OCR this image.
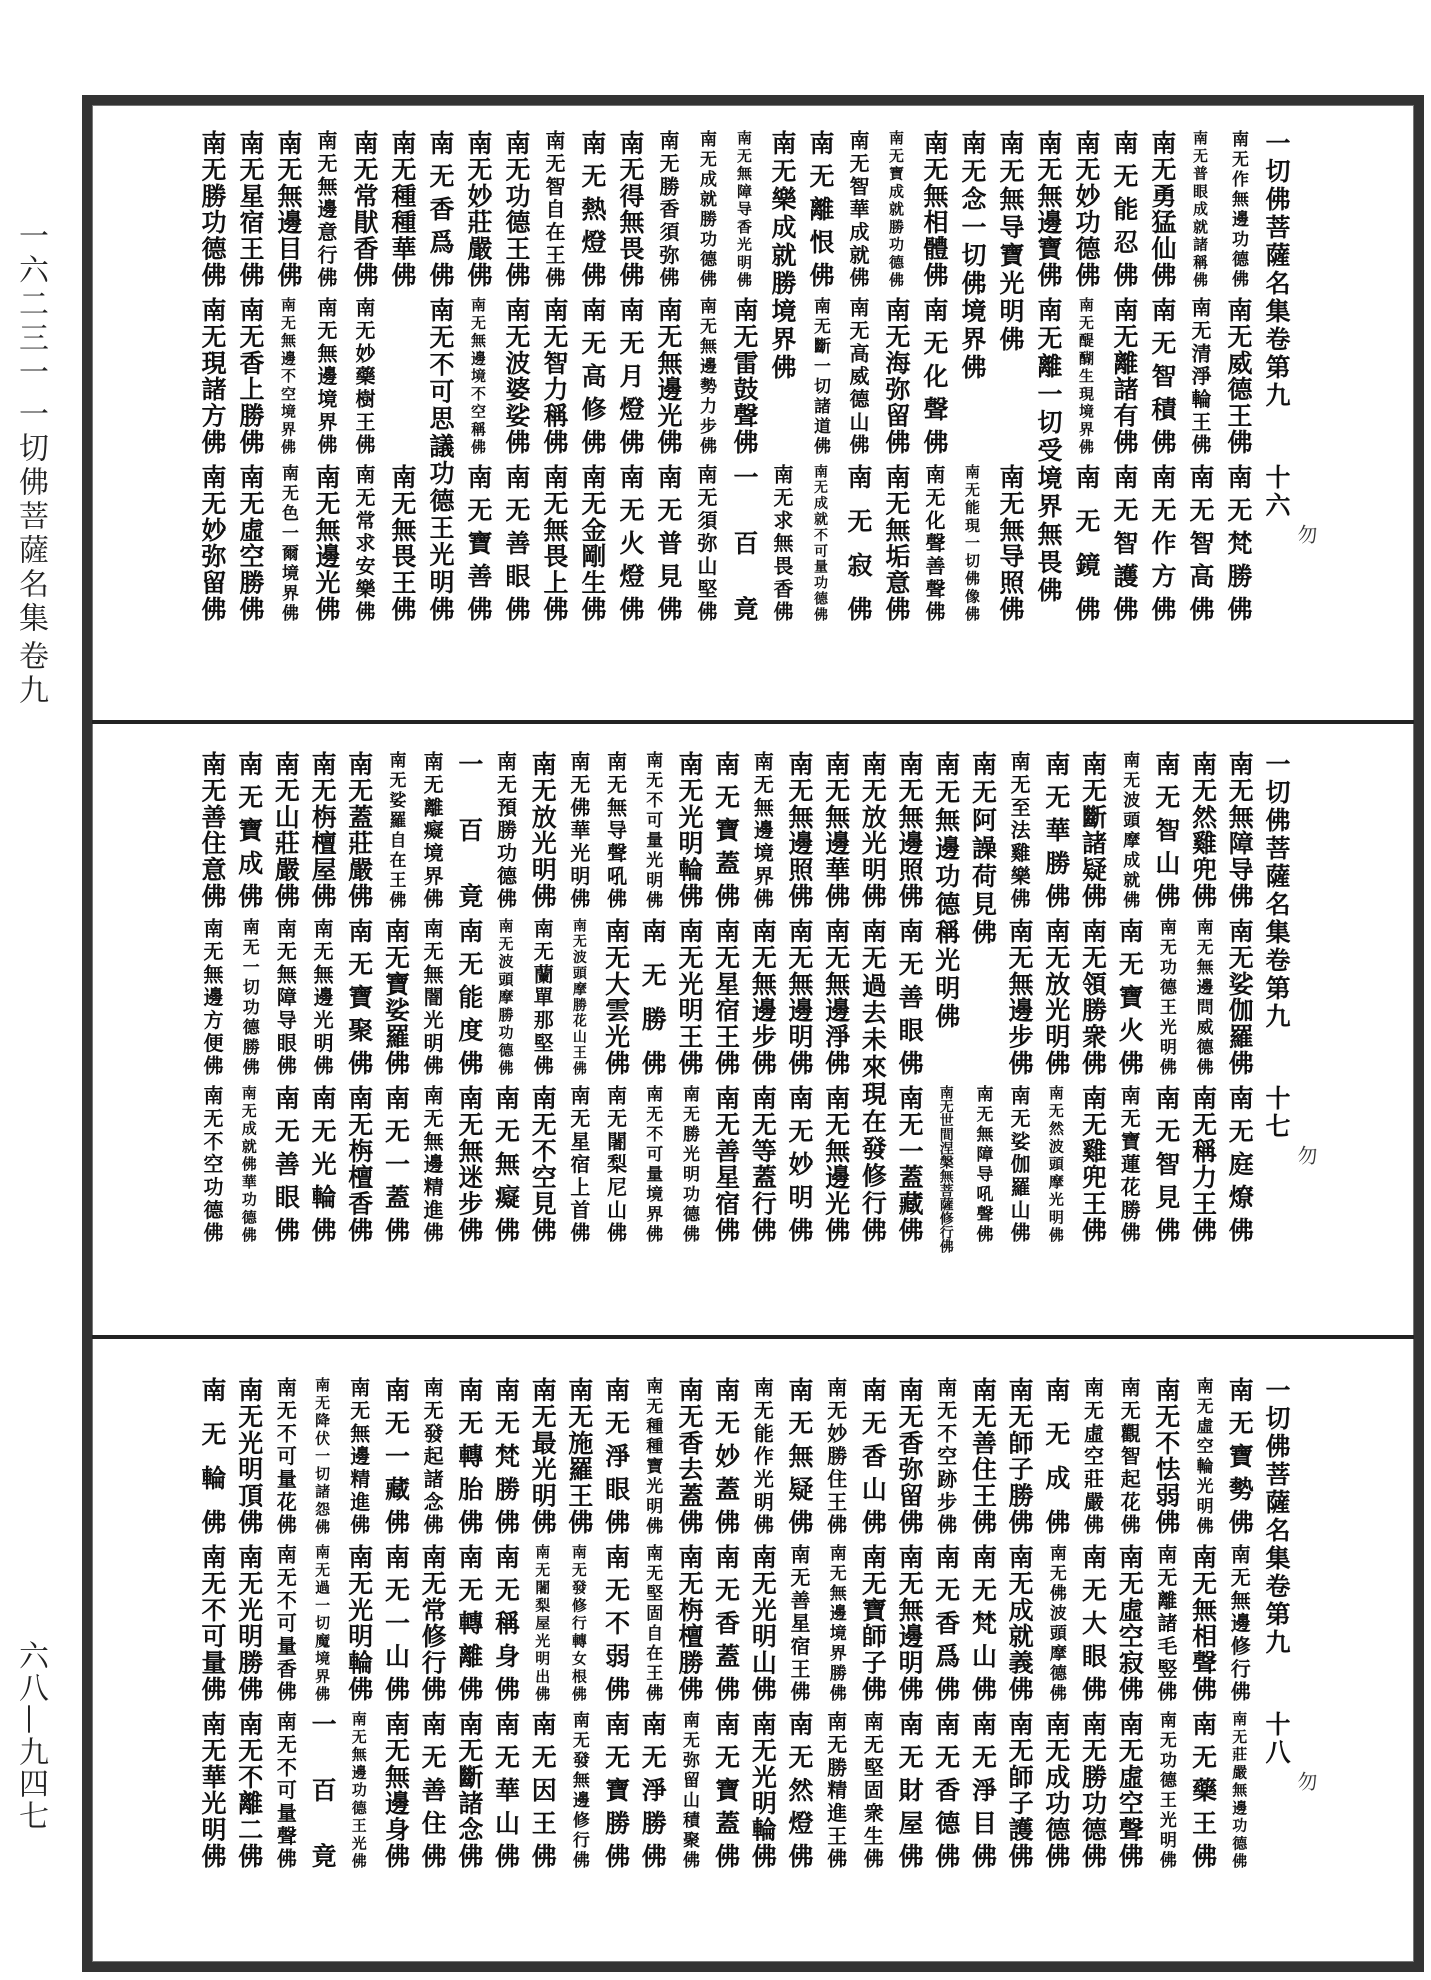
一六二三一
一切佛菩薩名集
卷九
六八—九四七
一切佛菩薩名集卷第九
十六
勿
南无作無邊功德佛
南无威德王佛
南无梵勝佛
南无普眼成就諸稱佛
南无清淨輪王佛
南无智高佛
南无勇猛仙佛
南无智積佛
南无作方佛
南无能忍佛
南无離諸有佛
南无智護佛
南无妙功德佛
南无醍醐生現境界佛
南无鏡佛
南无無邊寶佛
南无離一切受境界無畏佛
南无無导寶光明佛
南无無导照佛
南无念一切佛境界佛
南无能現一切佛像佛
南无無相體佛
南无化聲佛
南无化聲善聲佛
南无寶成就勝功德佛
南无海弥留佛
南无無垢意佛
南无智華成就佛
南无高威德山佛
南无寂佛
南无離恨佛
南无斷一切諸道佛
南无成就不可量功德佛
南无樂成就勝境界佛
南无求無畏香佛
南无無障导香光明佛
南无雷鼓聲佛
一百竟
南无成就勝功德佛
南无無邊勢力步佛
南无須弥山堅佛
南无勝香須弥佛
南无無邊光佛
南无普見佛
南无得無畏佛
南无月燈佛
南无火燈佛
南无熱燈佛
南无高修佛
南无金剛生佛
南无智自在王佛
南无智力稱佛
南无無畏上佛
南无功德王佛
南无波婆娑佛
南无善眼佛
南无妙莊嚴佛
南无無邊境不空稱佛
南无寶善佛
南无香爲佛
南无不可思議功德王光明佛
南无種種華佛
南无無畏王佛
南无常猒香佛
南无妙藥樹王佛
南无常求安樂佛
南无無邊意行佛
南无無邊境界佛
南无無邊光佛
南无無邊目佛
南无無邊不空境界佛
南无色一爾境界佛
南无星宿王佛
南无香上勝佛
南无虛空勝佛
南无勝功德佛
南无現諸方佛
南无妙弥留佛
一切佛菩薩名集卷第九
十七
勿
南无無障导佛
南无娑伽羅佛
南无庭燎佛
南无然雞兜佛
南无無邊問威德佛
南无稱力王佛
南无智山佛
南无功德王光明佛
南无智見佛
南无波頭摩成就佛
南无寶火佛
南无寶蓮花勝佛
南无斷諸疑佛
南无領勝衆佛
南无雞兜王佛
南无華勝佛
南无放光明佛
南无然波頭摩光明佛
南无至法雞樂佛
南无無邊步佛
南无娑伽羅山佛
南无阿譟荷見佛
南无無障导吼聲佛
南无無邊功德稱光明佛
南无世間涅槃無菩薩修行佛
南无無邊照佛
南无善眼佛
南无一蓋藏佛
南无放光明佛
南无過去未來現在發修行佛
南无無邊華佛
南无無邊淨佛
南无無邊光佛
南无無邊照佛
南无無邊明佛
南无妙明佛
南无無邊境界佛
南无無邊步佛
南无等蓋行佛
南无寶蓋佛
南无星宿王佛
南无善星宿佛
南无光明輪佛
南无光明王佛
南无勝光明功德佛
南无不可量光明佛
南无勝佛
南无不可量境界佛
南无無导聲吼佛
南无大雲光佛
南无闍梨尼山佛
南无佛華光明佛
南无波頭摩勝花山王佛
南无星宿上首佛
南无放光明佛
南无蘭單那堅佛
南无不空見佛
南无預勝功德佛
南无波頭摩勝功德佛
南无無癡佛
一百竟
南无能度佛
南无無迷步佛
南无離癡境界佛
南无無闇光明佛
南无無邊精進佛
南无娑羅自在王佛
南无寶娑羅佛
南无一蓋佛
南无蓋莊嚴佛
南无寶聚佛
南无栴檀香佛
南无栴檀屋佛
南无無邊光明佛
南无光輪佛
南无山莊嚴佛
南无無障导眼佛
南无善眼佛
南无寶成佛
南无一切功德勝佛
南无成就佛華功德佛
南无善住意佛
南无無邊方便佛
南无不空功德佛
一切佛菩薩名集卷第九
十八
勿
南无寶勢佛
南无無邊修行佛
南无莊嚴無邊功德佛
南无虛空輪光明佛
南无無相聲佛
南无藥王佛
南无不怯弱佛
南无離諸毛竪佛
南无功德王光明佛
南无觀智起花佛
南无虛空寂佛
南无虛空聲佛
南无虛空莊嚴佛
南无大眼佛
南无勝功德佛
南无成佛
南无佛波頭摩德佛
南无成功德佛
南无師子勝佛
南无成就義佛
南无師子護佛
南无善住王佛
南无梵山佛
南无淨目佛
南无不空跡步佛
南无香爲佛
南无香德佛
南无香弥留佛
南无無邊明佛
南无財屋佛
南无香山佛
南无寶師子佛
南无堅固衆生佛
南无妙勝住王佛
南无無邊境界勝佛
南无勝精進王佛
南无無疑佛
南无善星宿王佛
南无然燈佛
南无能作光明佛
南无光明山佛
南无光明輪佛
南无妙蓋佛
南无香蓋佛
南无寶蓋佛
南无香去蓋佛
南无栴檀勝佛
南无弥留山積聚佛
南无種種寶光明佛
南无堅固自在王佛
南无淨勝佛
南无淨眼佛
南无不弱佛
南无寶勝佛
南无施羅王佛
南无發修行轉女根佛
南无發無邊修行佛
南无最光明佛
南无闍梨屋光明出佛
南无因王佛
南无梵勝佛
南无稱身佛
南无華山佛
南无轉胎佛
南无轉離佛
南无斷諸念佛
南无發起諸念佛
南无常修行佛
南无善住佛
南无一藏佛
南无一山佛
南无無邊身佛
南无無邊精進佛
南无光明輪佛
南无無邊功德王光佛
南无降伏一切諸怨佛
南无過一切魔境界佛
一百竟
南无不可量花佛
南无不可量香佛
南无不可量聲佛
南无光明頂佛
南无光明勝佛
南无不離二佛
南无輪佛
南无不可量佛
南无華光明佛
